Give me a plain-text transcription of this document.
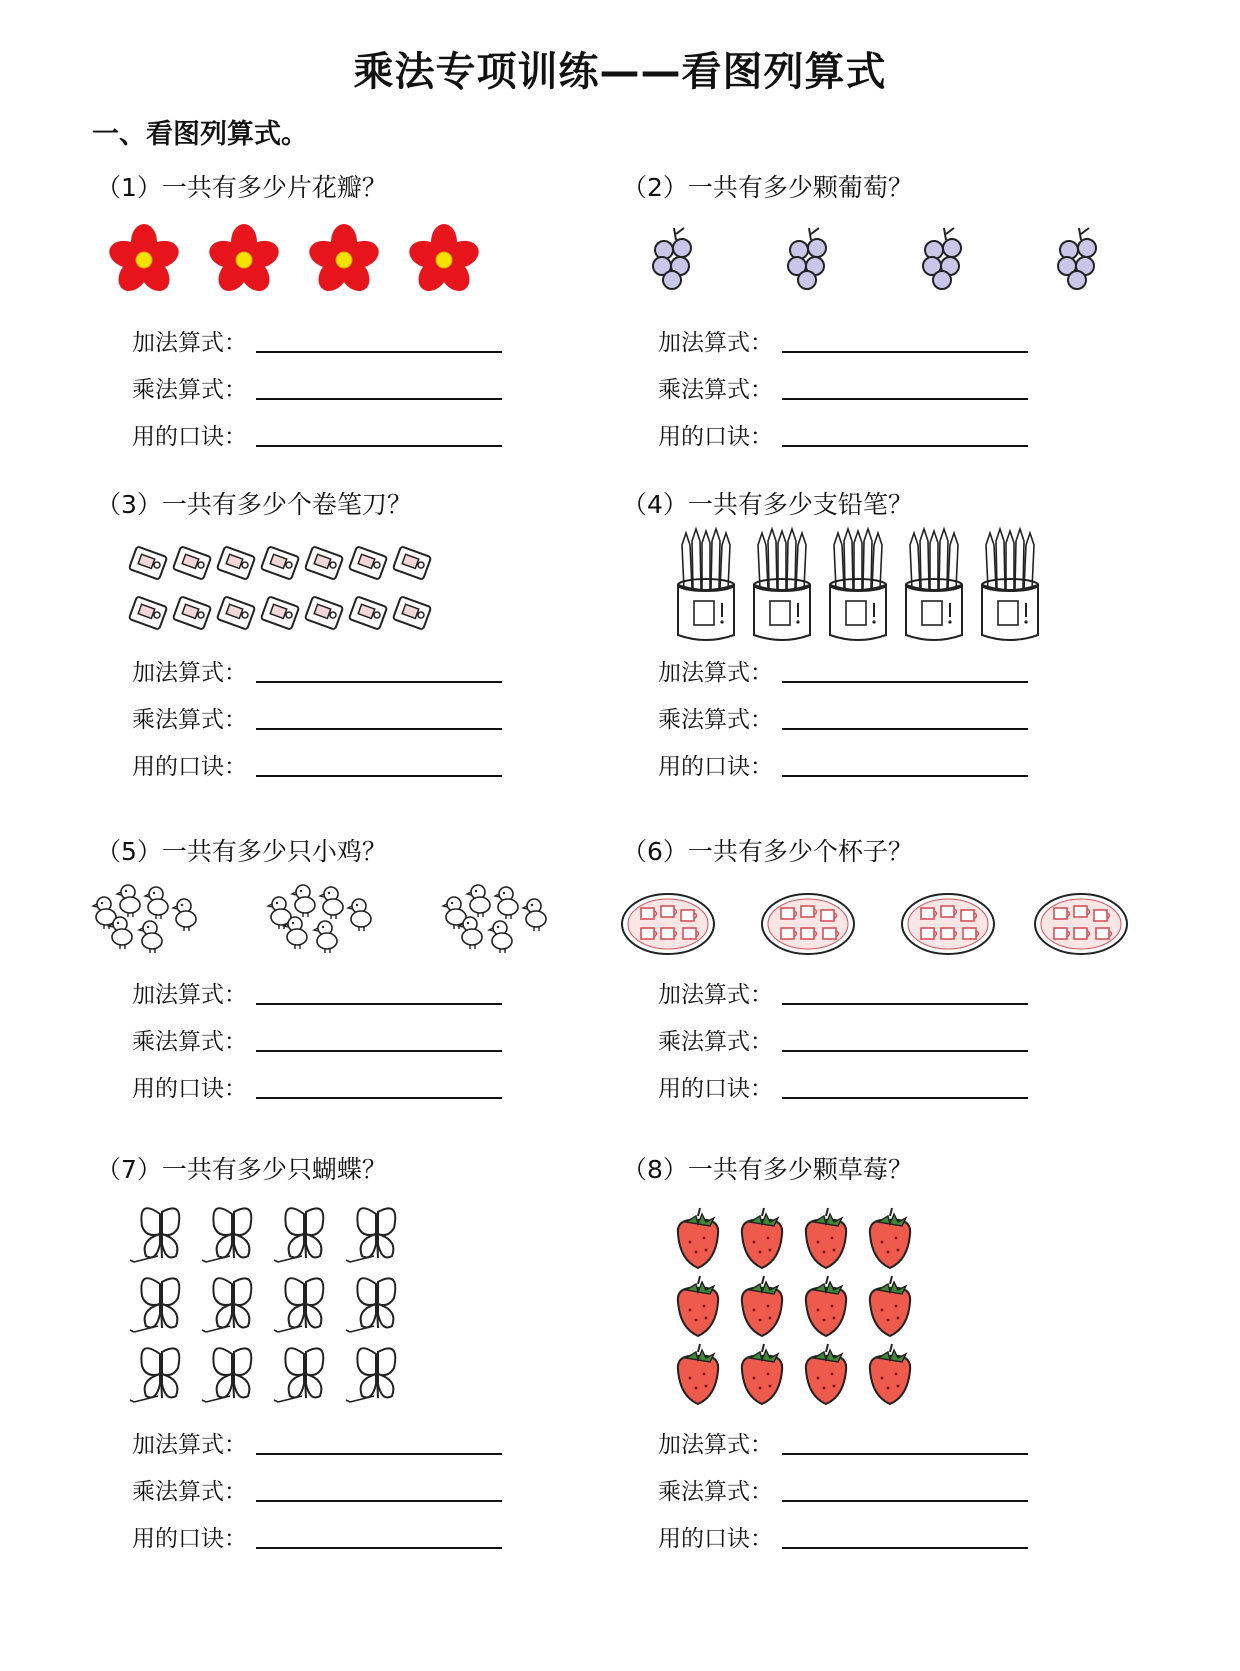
乘法专项训练——看图列算式
一、看图列算式。
（1）一共有多少片花瓣？
加法算式：
乘法算式：
用的口诀：
（2）一共有多少颗葡萄？
加法算式：
乘法算式：
用的口诀：
（3）一共有多少个卷笔刀？
加法算式：
乘法算式：
用的口诀：
（4）一共有多少支铅笔？
加法算式：
乘法算式：
用的口诀：
（5）一共有多少只小鸡？
加法算式：
乘法算式：
用的口诀：
（6）一共有多少个杯子？
加法算式：
乘法算式：
用的口诀：
（7）一共有多少只蝴蝶？
加法算式：
乘法算式：
用的口诀：
（8）一共有多少颗草莓？
加法算式：
乘法算式：
用的口诀：
